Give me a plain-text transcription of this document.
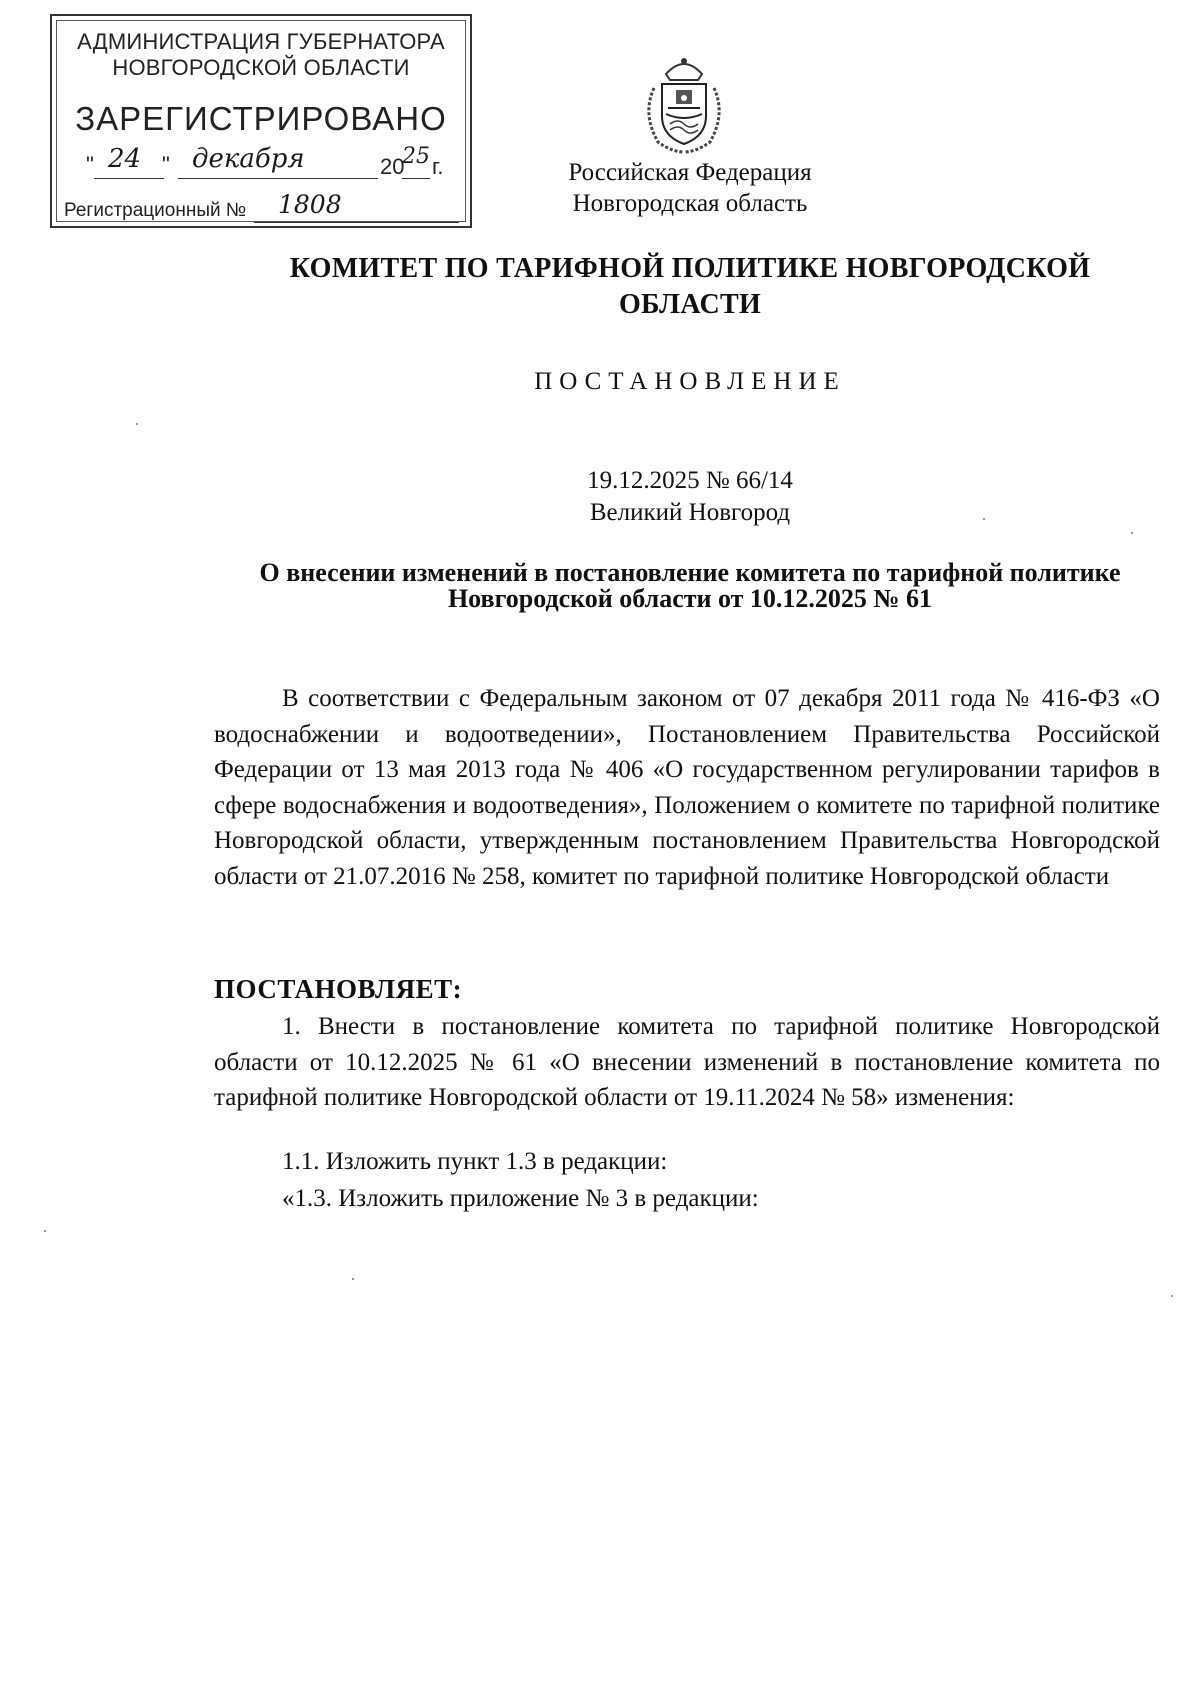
АДМИНИСТРАЦИЯ ГУБЕРНАТОРА
НОВГОРОДСКОЙ ОБЛАСТИ
ЗАРЕГИСТРИРОВАНО
" 24 " декабря	20
25 г.
Регистрационный № 1808
Российская Федерация
Новгородская область
КОМИТЕТ ПО ТАРИФНОЙ ПОЛИТИКЕ НОВГОРОДСКОЙ ОБЛАСТИ
ПОСТАНОВЛЕНИЕ
19.12.2025 № 66/14
Великий Новгород
О внесении изменений в постановление комитета по тарифной политике Новгородской области от 10.12.2025 № 61
В соответствии с Федеральным законом от 07 декабря 2011 года № 416-ФЗ «О водоснабжении и водоотведении», Постановлением Правительства Российской Федерации от 13 мая 2013 года № 406 «О государственном регулировании тарифов в сфере водоснабжения и водоотведения», Положением о комитете по тарифной политике Новгородской области, утвержденным постановлением Правительства Новгородской области от 21.07.2016 № 258, комитет по тарифной политике Новгородской области
ПОСТАНОВЛЯЕТ:
1. Внести в постановление комитета по тарифной политике Новгородской области от 10.12.2025 № 61 «О внесении изменений в постановление комитета по тарифной политике Новгородской области от 19.11.2024 № 58» изменения:
1.1. Изложить пункт 1.3 в редакции:
«1.3. Изложить приложение № 3 в редакции:
